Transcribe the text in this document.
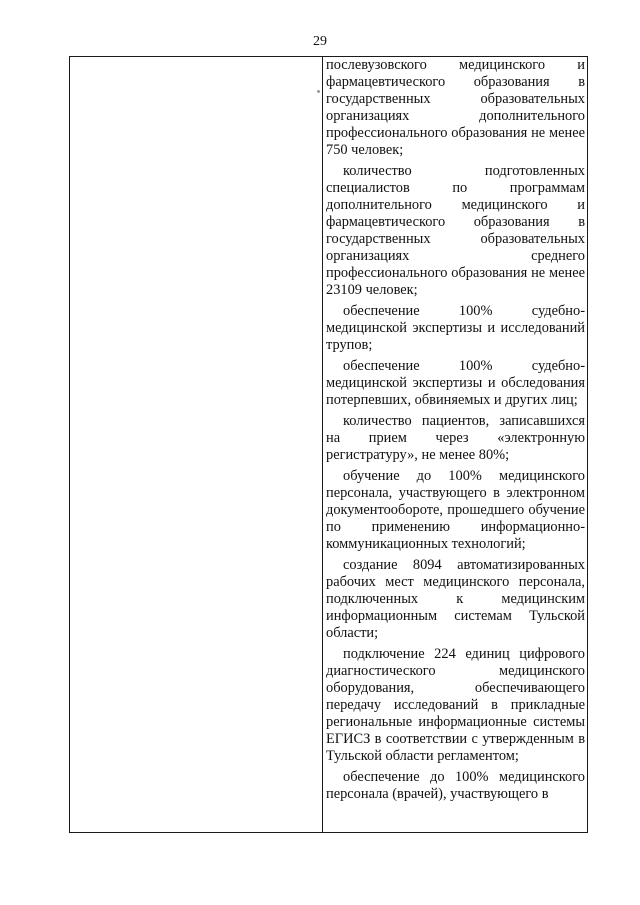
29
послевузовского медицинского и фармацевтического образования в государственных образовательных организациях дополнительного профессионального образования не менее 750 человек;
количество подготовленных специалистов по программам дополнительного медицинского и фармацевтического образования в государственных образовательных организациях среднего профессионального образования не менее 23109 человек;
обеспечение 100% судебно-медицинской экспертизы и исследований трупов;
обеспечение 100% судебно-медицинской экспертизы и обследования потерпевших, обвиняемых и других лиц;
количество пациентов, записавшихся на прием через «электронную регистратуру», не менее 80%;
обучение до 100% медицинского персонала, участвующего в электронном документообороте, прошедшего обучение по применению информационно-коммуникационных технологий;
создание 8094 автоматизированных рабочих мест медицинского персонала, подключенных к медицинским информационным системам Тульской области;
подключение 224 единиц цифрового диагностического медицинского оборудования, обеспечивающего передачу исследований в прикладные региональные информационные системы ЕГИСЗ в соответствии с утвержденным в Тульской области регламентом;
обеспечение до 100% медицинского персонала (врачей), участвующего в
